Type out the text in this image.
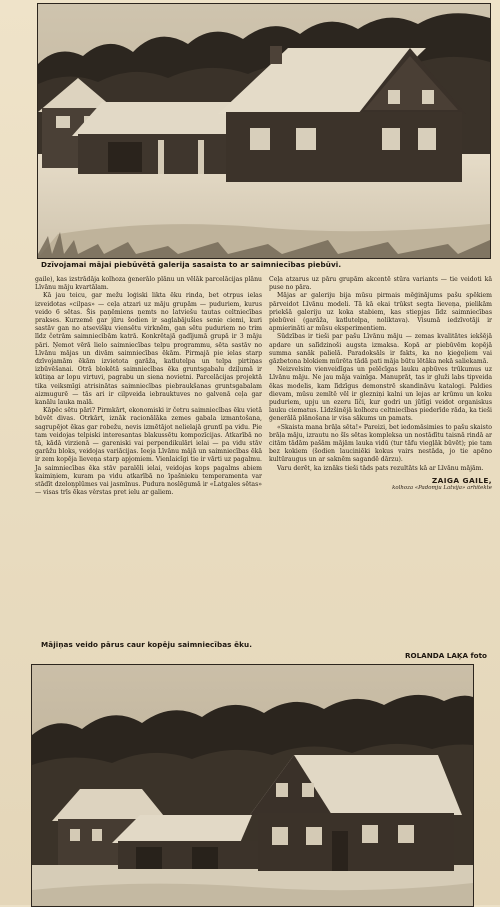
Dzīvojamai mājai piebūvētā galerija sasaista to ar saimniecības piebūvi.

gaile), kas izstrādāja kolhoza ģenerālo plānu un vēlāk parcelācijas plānu Līvānu māju kvartālam.

Kā jau teicu, gar mežu loģiski likta ēku rinda, bet otrpus ielas izveidotas «cilpas» — ceļa atzari uz māju grupām — puduriem, kurus veido 6 sētas. Šis paņēmiens ņemts no latviešu tautas celtniecības prakses. Kurzemē gar jūru šodien ir saglabājušies senie ciemi, kuri sastāv gan no atsevišķu viensētu virknēm, gan sētu puduriem no trim līdz četrām saimniecībām katrā. Konkrētajā gadījumā grupā ir 3 māju pāri. Ņemot vērā lielo saimniecības telpu programmu, sēta sastāv no Līvānu mājas un divām saimniecības ēkām. Pirmajā pie ielas starp dzīvojamām ēkām izvietota garāža, katlutelpa un telpa pirtiņas izbūvēšanai. Otrā blokētā saimniecības ēka gruntsgabalu dziļumā ir kūtiņa ar lopu virtuvi, pagrabu un siena novietni. Parcelācijas projektā tika veiksmīgi atrisinātas saimniecības piebraukšanas gruntsgabalam aizmugurē — tās ari ir cilpveida iebrauktuves no galvenā ceļa gar kanālu lauka malā.

Kāpēc sētu pāri? Pirmkārt, ekonomiski ir četru saimniecības ēku vietā būvēt divas. Otrkārt, iznāk racionālāka zemes gabala izmantošana, sagrupējot ēkas gar robežu, nevis izmētājot nelielajā gruntī pa vidu. Pie tam veidojas telpiski interesantas blakussētu kompozīcijas. Atkarībā no tā, kādā virzienā — gareniski vai perpendikulāri ielai — pa vidu stāv garāžu bloks, veidojas variācijas. Ieeja Līvānu mājā un saimniecības ēkā ir zem kopēja lieveņa starp apjomiem. Vienlaicīgi tie ir vārti uz pagalmu. Ja saimniecības ēka stāv paralēli ielai, veidojas kops pagalms abiem kaimiņiem, kuram pa vidu atkarībā no īpašnieku temperamenta var stādīt dzeloņplūmes vai jasmīnus. Pudura noslēgumā ir «Latgales sētas» — visas trīs ēkas věrstas pret ielu ar galiem.

Ceļa atzarus uz pāru grupām akcentē stūra variants — tie veidoti kā puse no pāra.

Mājas ar galeriju bija mūsu pirmais mēģinājums pašu spēkiem pārveidot Līvānu modeli. Tā kā ekai trūkst segta lieveņa, pielikām priekšā galeriju uz koka stabiem, kas stiepjas līdz saimniecības piebūvei (garāža, katlutelpa, noliktava). Visumā iedzīvotāji ir apmierināti ar mūsu eksperimentiem.

Sūdzības ir tieši par pašu Līvānu māju — zemas kvalitātes iekšējā apdare un salīdzinoši augsta izmaksa. Kopā ar piebūvēm kopējā summa sanāk palielā. Paradoksāls ir fakts, ka no ķieģeļiem vai gāzbetona blokiem mūrēta tādā pati māja būtu lētāka nekā saliekamā.

Neizvelsim vienveidīgas un pelēcīgas lauku apbūves trūkumus uz Līvānu māju. Ne jau māja vainīga. Manuprāt, tas ir gluži labs tipveida ēkas modelis, kam līdzīgus demonstrē skandināvu katalogi. Paldies dievam, mūsu zemītē vēl ir glezniņi kalni un lejas ar krūmu un koku puduriem, upju un ezeru līči, kur godri un jūtīgi veidot organiskus lauku ciematus. Līdzšinējā kolhozu celtniecības piederīde rāda, ka tieši ģenerālā plānošana ir visa sākums un pamats.

«Skaista mana brāļa sēta!» Pareizi, bet iedomāsimies to pašu skaisto brāļa māju, izrautu no šīs sētas kompleksa un nostādītu taisnā rindā ar citām tādām pašām mājām lauka vidū (tur tāfu viegļāk būvēt); pie tam bez kokiem (šodien lauciniēki kokus vairs nestāda, jo tie apēno kultūraugus un ar saknēm sagandē dārzu).

Varu derēt, ka iznāks tieši tāds pats rezultāts kā ar Līvānu mājām.

ZAIGA GAILE,
kolhoza «Padomju Latvija» arhitekte
Mājiņas veido pārus caur kopēju saimniecības ēku.
ROLANDA LAĶA foto
